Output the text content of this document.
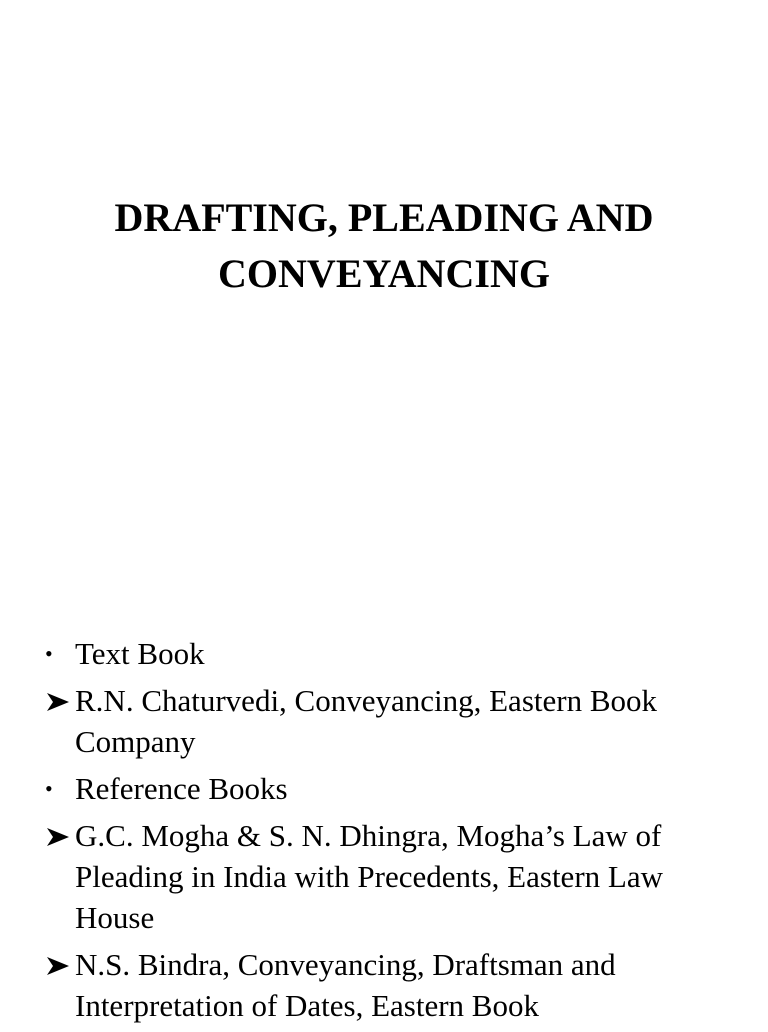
DRAFTING, PLEADING AND
CONVEYANCING
• Text Book
R.N. Chaturvedi, Conveyancing, Eastern Book Company
• Reference Books
G.C. Mogha & S. N. Dhingra, Mogha’s Law of Pleading in India with Precedents, Eastern Law House
N.S. Bindra, Conveyancing, Draftsman and Interpretation of Dates, Eastern Book
